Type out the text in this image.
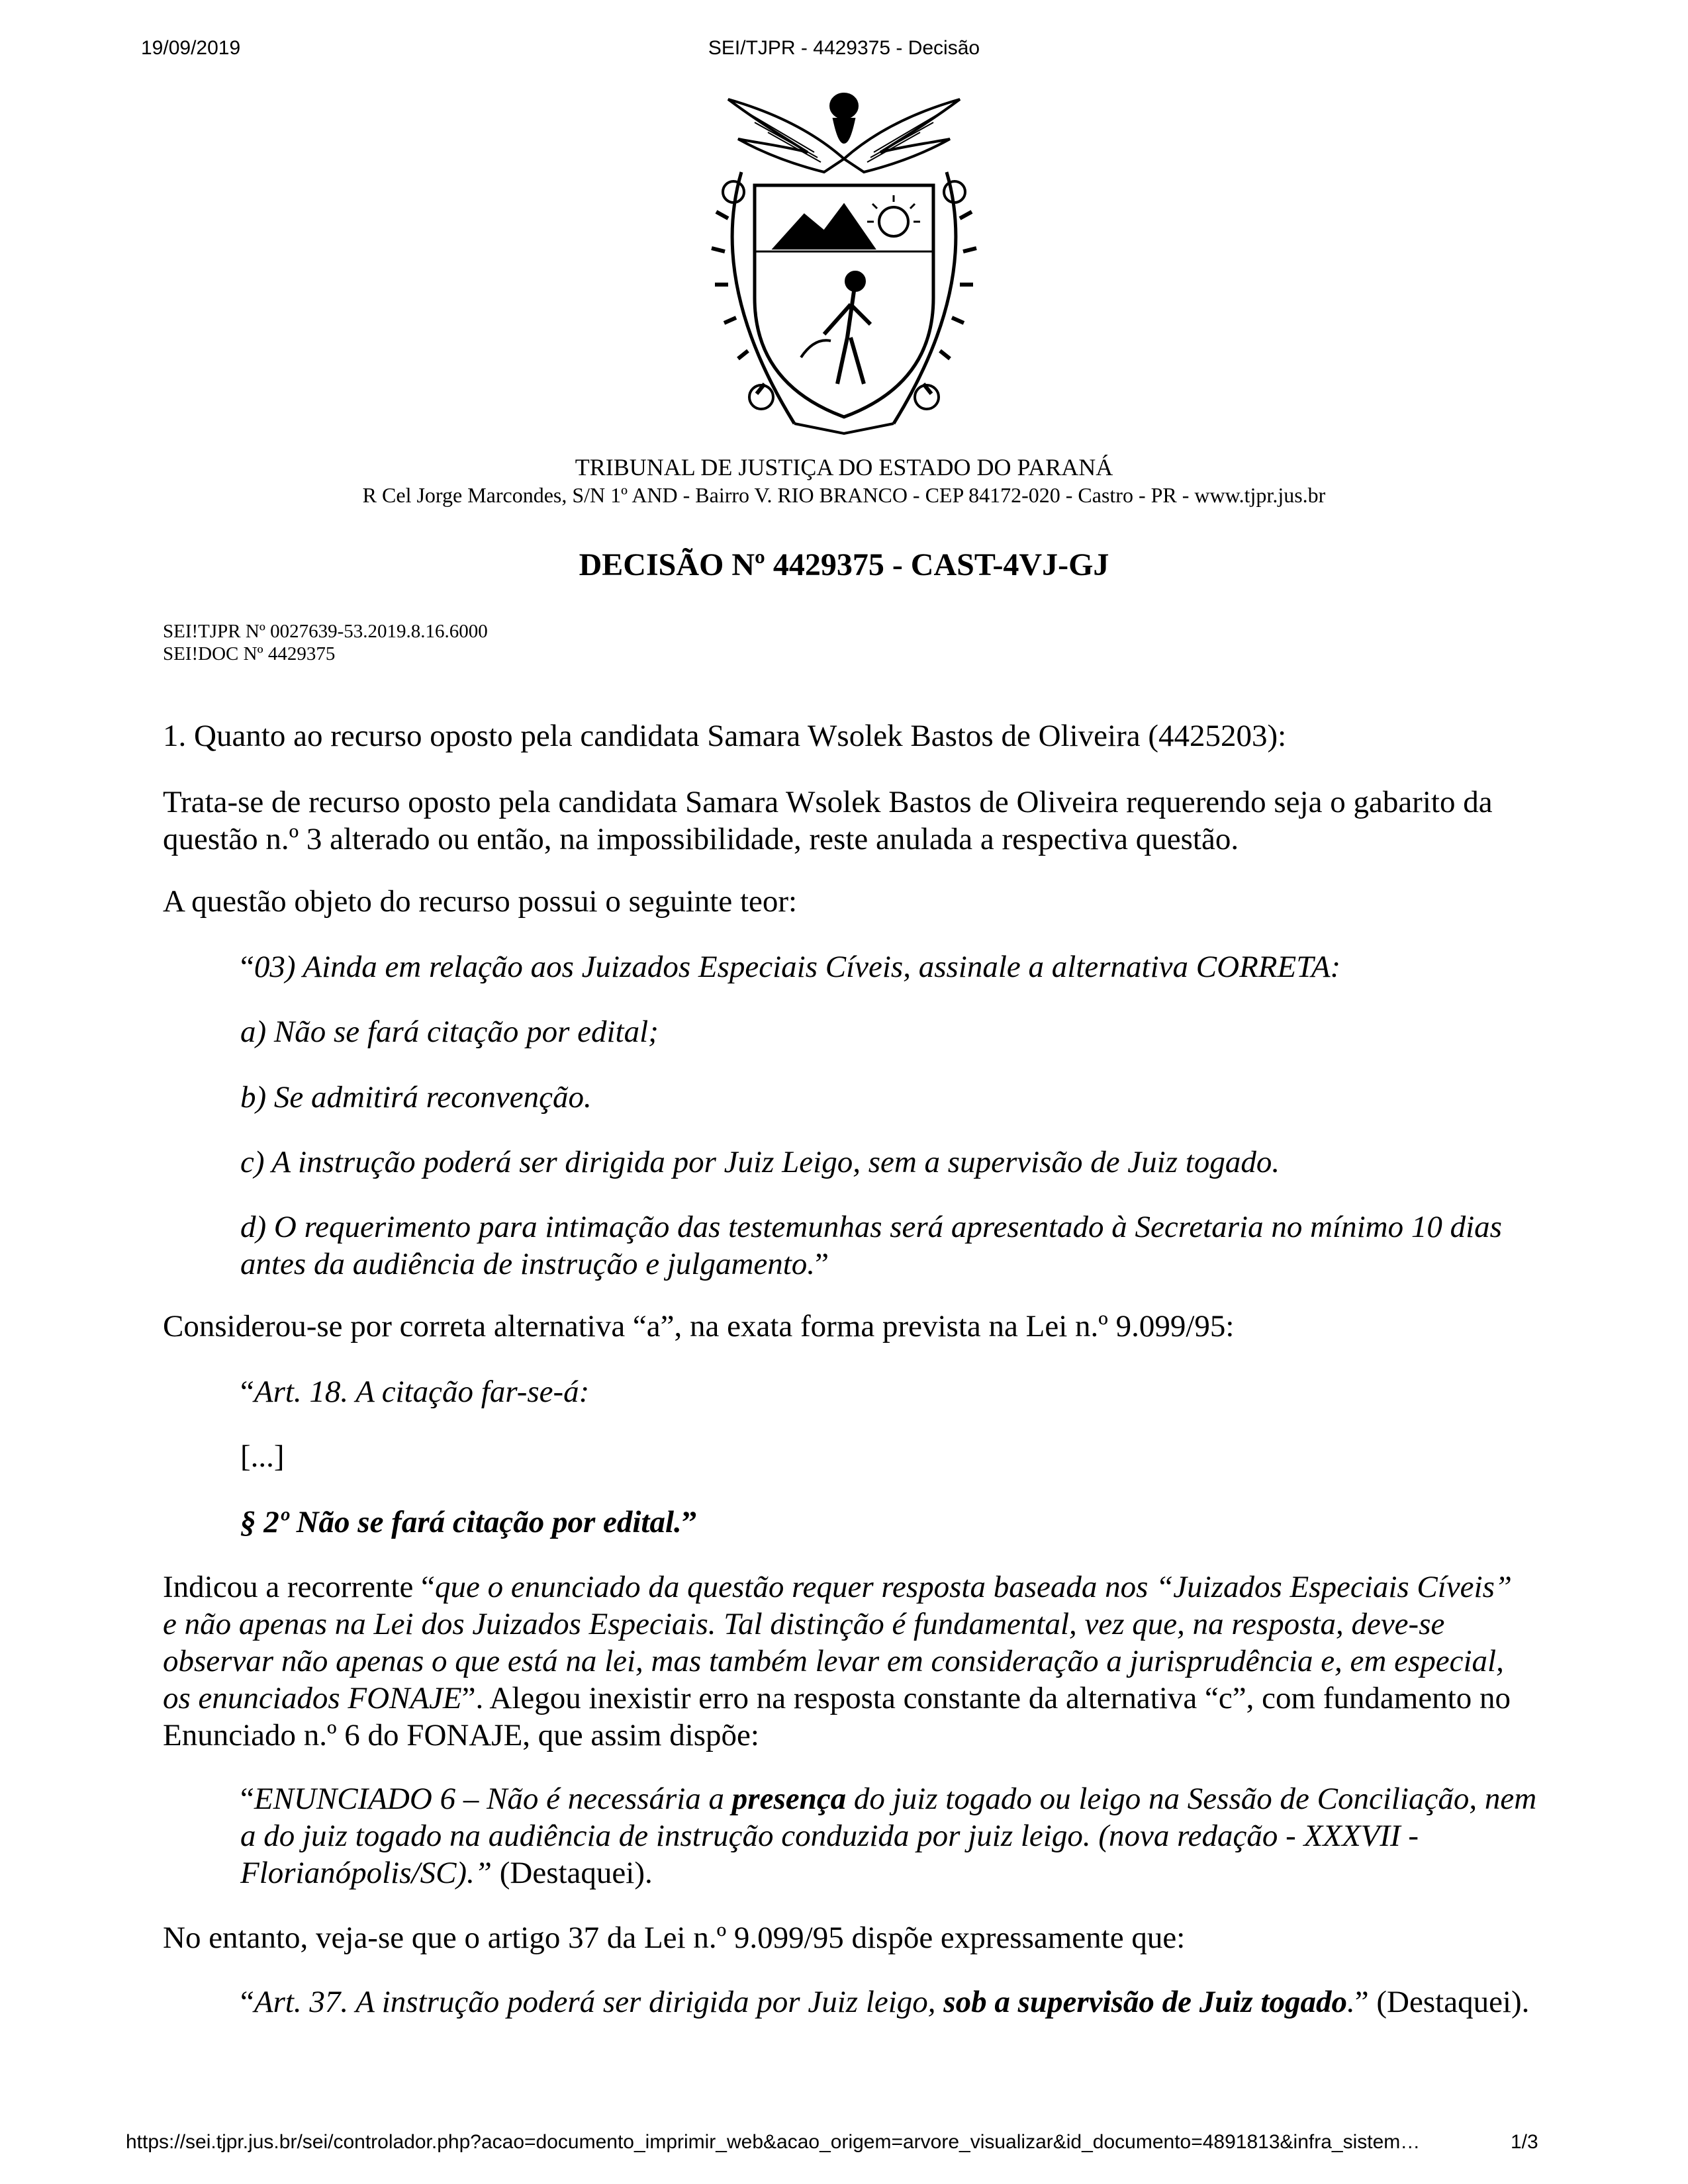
19/09/2019	SEI/TJPR - 4429375 - Decisão
TRIBUNAL DE JUSTIÇA DO ESTADO DO PARANÁ
R Cel Jorge Marcondes, S/N 1º AND - Bairro V. RIO BRANCO - CEP 84172-020 - Castro - PR - www.tjpr.jus.br
DECISÃO Nº 4429375 - CAST-4VJ-GJ
SEI!TJPR Nº 0027639-53.2019.8.16.6000
SEI!DOC Nº 4429375

1. Quanto ao recurso oposto pela candidata Samara Wsolek Bastos de Oliveira (4425203):

Trata-se de recurso oposto pela candidata Samara Wsolek Bastos de Oliveira requerendo seja o gabarito da questão n.º 3 alterado ou então, na impossibilidade, reste anulada a respectiva questão.

A questão objeto do recurso possui o seguinte teor:

“03) Ainda em relação aos Juizados Especiais Cíveis, assinale a alternativa CORRETA:

a) Não se fará citação por edital;

b) Se admitirá reconvenção.

c) A instrução poderá ser dirigida por Juiz Leigo, sem a supervisão de Juiz togado.

d) O requerimento para intimação das testemunhas será apresentado à Secretaria no mínimo 10 dias antes da audiência de instrução e julgamento.”

Considerou-se por correta alternativa “a”, na exata forma prevista na Lei n.º 9.099/95:

“Art. 18. A citação far-se-á:

[...]

§ 2º Não se fará citação por edital.”

Indicou a recorrente “que o enunciado da questão requer resposta baseada nos “Juizados Especiais Cíveis” e não apenas na Lei dos Juizados Especiais. Tal distinção é fundamental, vez que, na resposta, deve-se observar não apenas o que está na lei, mas também levar em consideração a jurisprudência e, em especial, os enunciados FONAJE”. Alegou inexistir erro na resposta constante da alternativa “c”, com fundamento no Enunciado n.º 6 do FONAJE, que assim dispõe:

“ENUNCIADO 6 – Não é necessária a presença do juiz togado ou leigo na Sessão de Conciliação, nem a do juiz togado na audiência de instrução conduzida por juiz leigo. (nova redação - XXXVII - Florianópolis/SC).” (Destaquei).

No entanto, veja-se que o artigo 37 da Lei n.º 9.099/95 dispõe expressamente que:

“Art. 37. A instrução poderá ser dirigida por Juiz leigo, sob a supervisão de Juiz togado.” (Destaquei).

https://sei.tjpr.jus.br/sei/controlador.php?acao=documento_imprimir_web&acao_origem=arvore_visualizar&id_documento=4891813&infra_sistem…	1/3
